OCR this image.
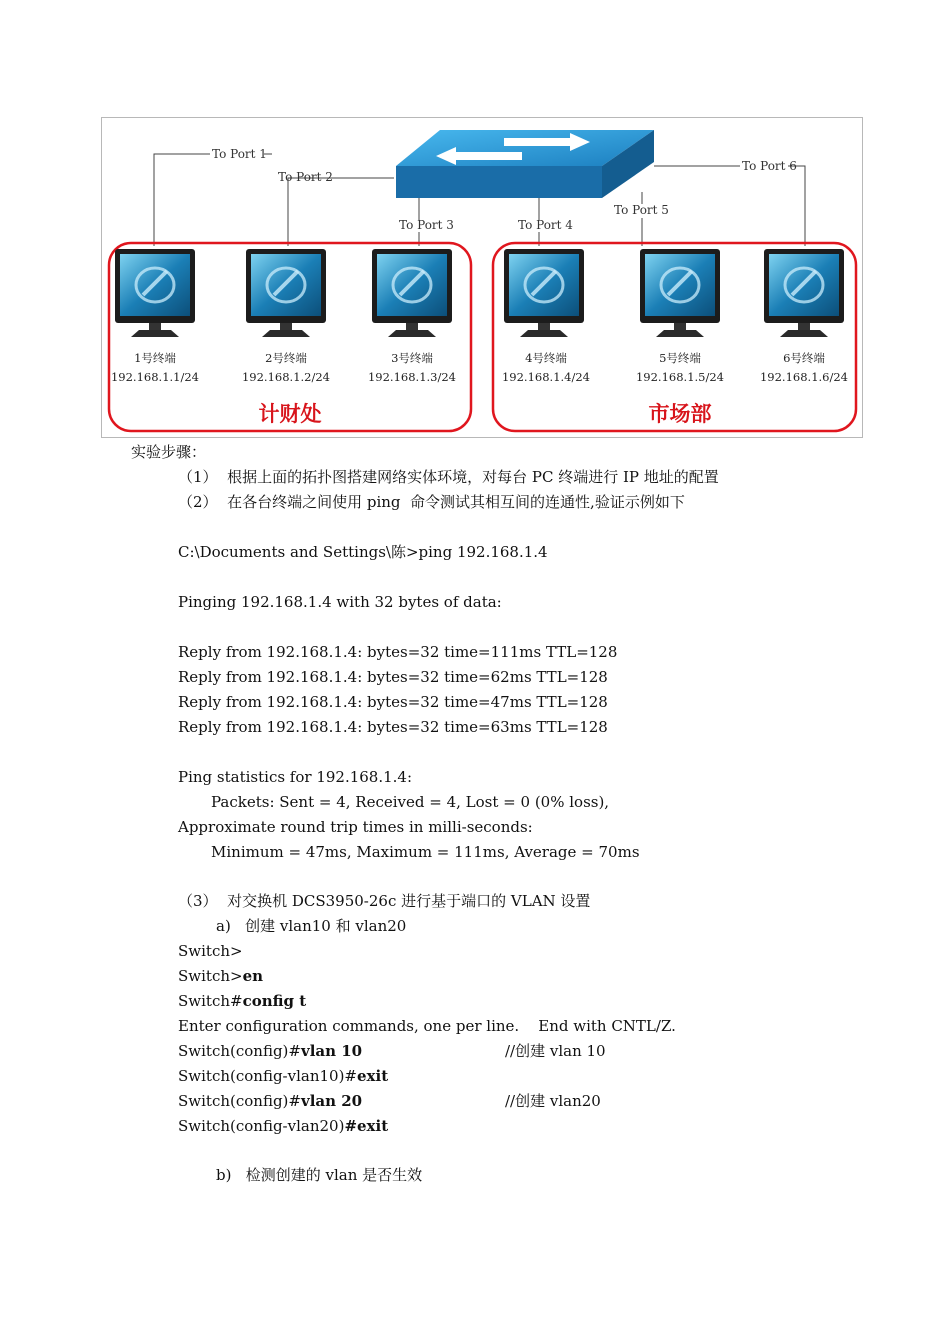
To Port 1
To Port 2
To Port 3	To Port 4
To Port 5
To Port 6
1号终端
192.168.1.1/24
2号终端
192.168.1.2/24
3号终端
192.168.1.3/24
4号终端
192.168.1.4/24
5号终端
192.168.1.5/24
6号终端
192.168.1.6/24
计财处	市场部
实验步骤：
（1）  根据上面的拓扑图搭建网络实体环境，对每台 PC 终端进行 IP 地址的配置
（2）  在各台终端之间使用 ping  命令测试其相互间的连通性,验证示例如下
C:\Documents and Settings\陈>ping 192.168.1.4
Pinging 192.168.1.4 with 32 bytes of data:
Reply from 192.168.1.4: bytes=32 time=111ms TTL=128
Reply from 192.168.1.4: bytes=32 time=62ms TTL=128
Reply from 192.168.1.4: bytes=32 time=47ms TTL=128
Reply from 192.168.1.4: bytes=32 time=63ms TTL=128
Ping statistics for 192.168.1.4:
Packets: Sent = 4, Received = 4, Lost = 0 (0% loss),
Approximate round trip times in milli-seconds:
Minimum = 47ms, Maximum = 111ms, Average = 70ms
（3）  对交换机 DCS3950-26c 进行基于端口的 VLAN 设置
a)   创建 vlan10 和 vlan20
Switch>
Switch>en
Switch#config t
Enter configuration commands, one per line.    End with CNTL/Z.
Switch(config)#vlan 10	//创建 vlan 10
Switch(config-vlan10)#exit
Switch(config)#vlan 20	//创建 vlan20
Switch(config-vlan20)#exit
b)   检测创建的 vlan 是否生效
